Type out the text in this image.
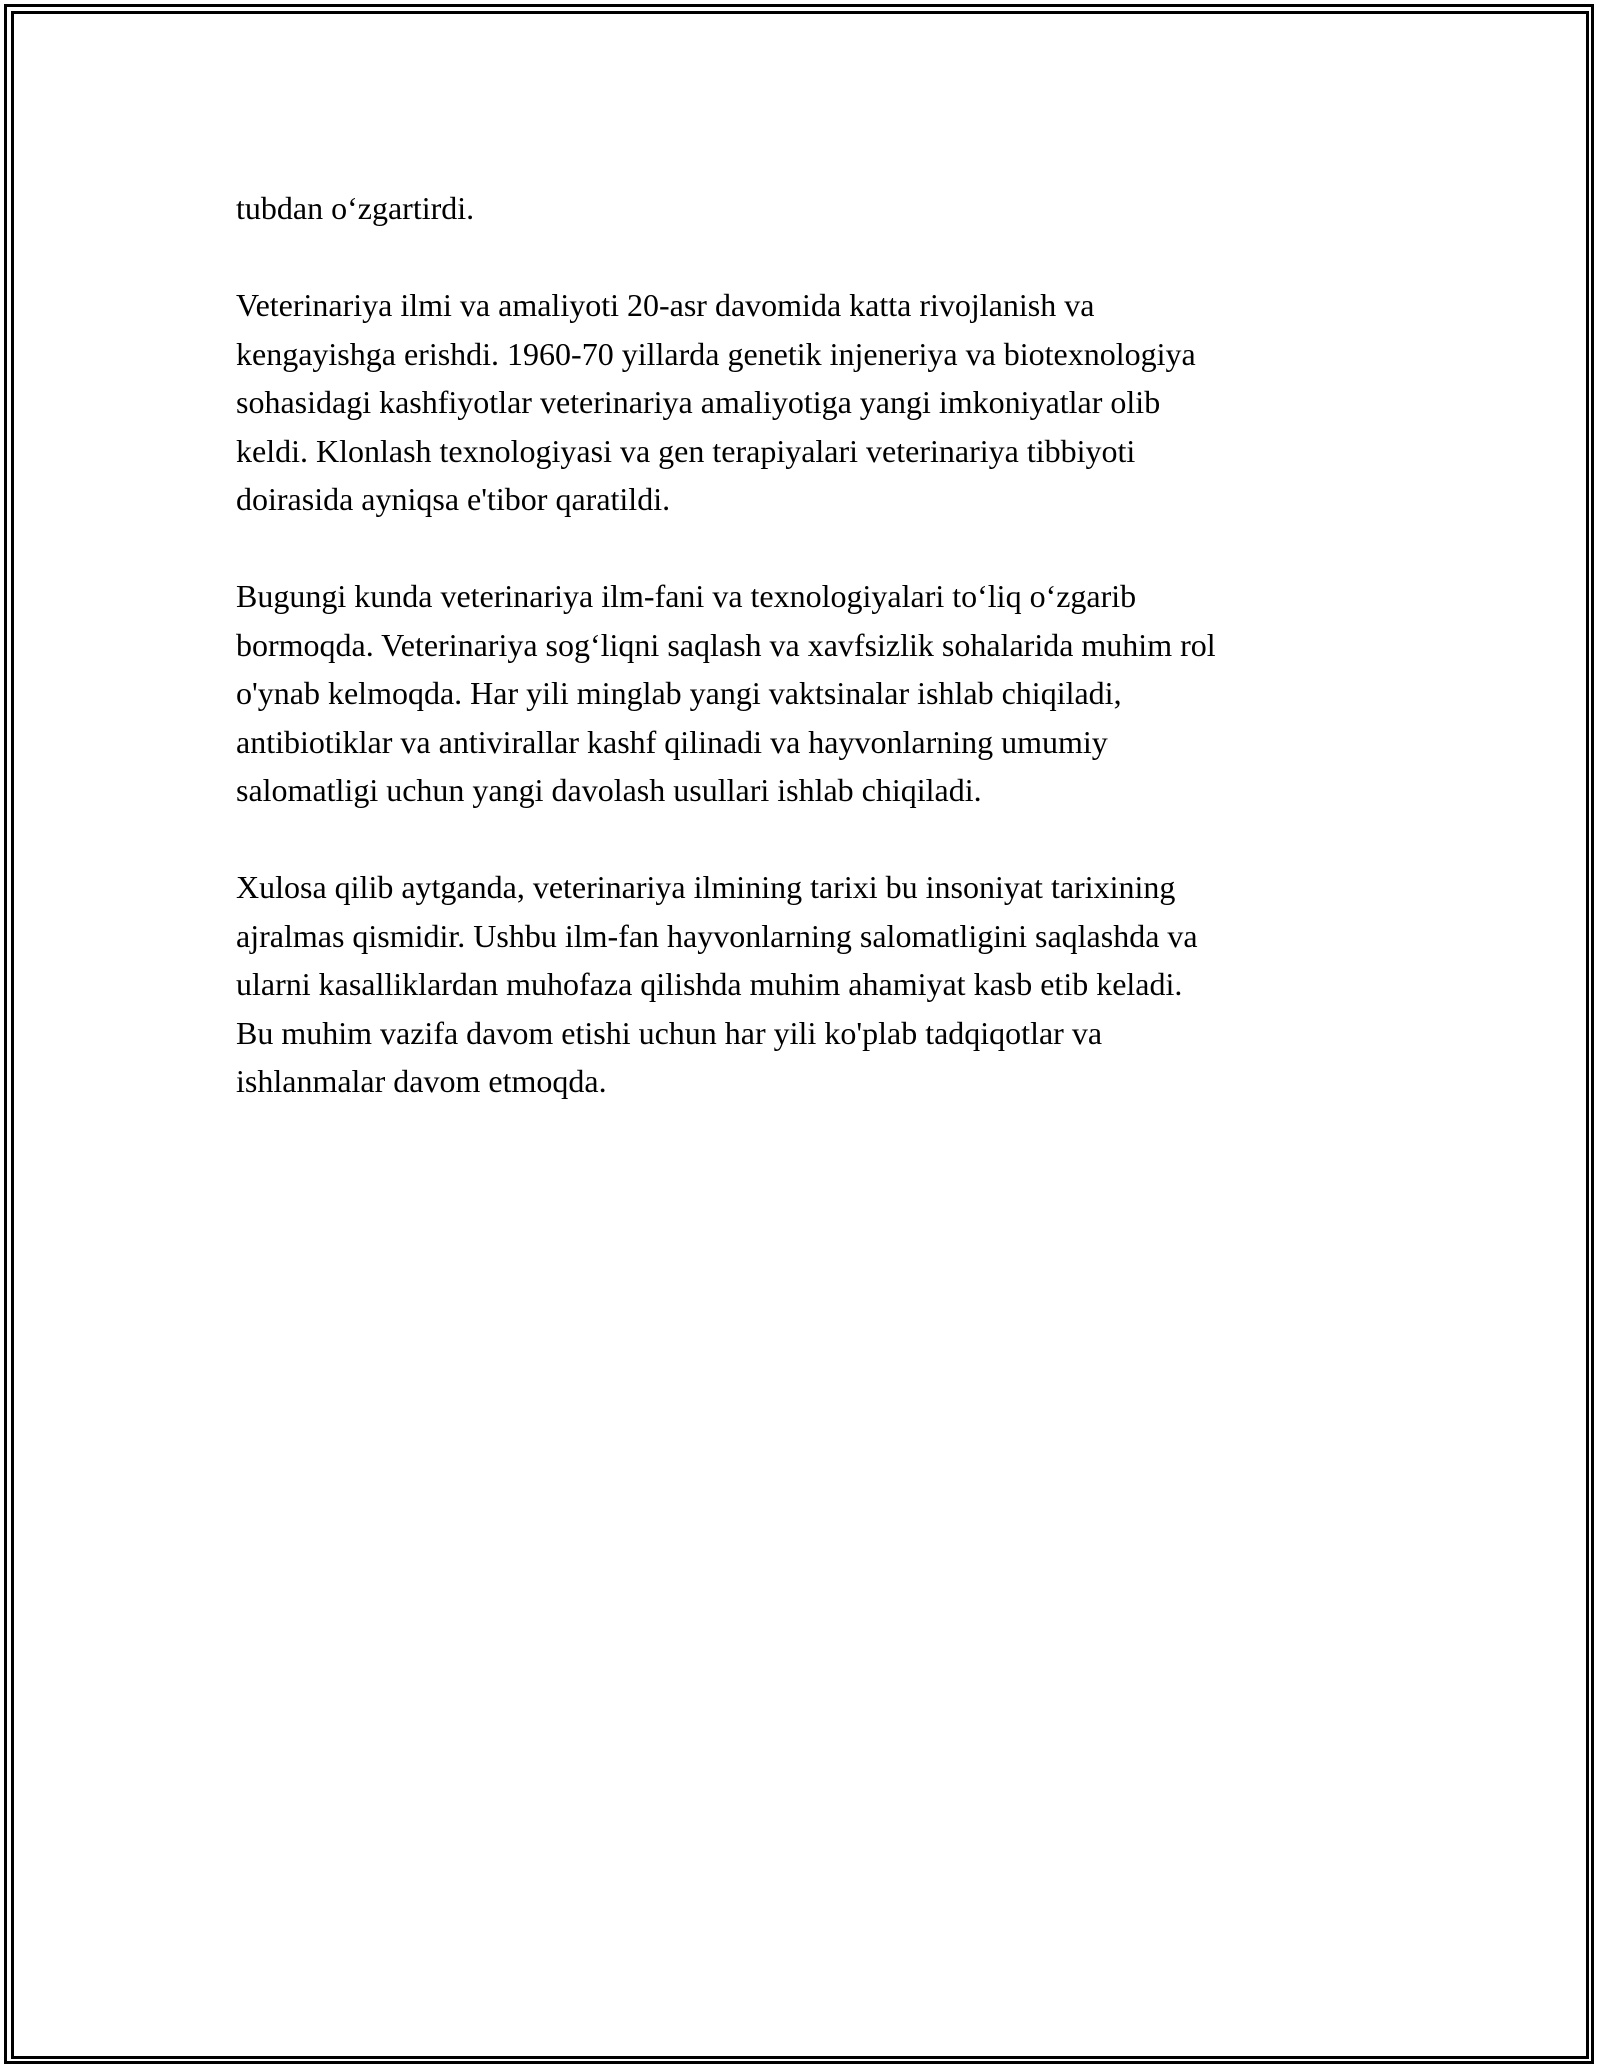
tubdan o‘zgartirdi.

Veterinariya ilmi va amaliyoti 20-asr davomida katta rivojlanish va
kengayishga erishdi. 1960-70 yillarda genetik injeneriya va biotexnologiya
sohasidagi kashfiyotlar veterinariya amaliyotiga yangi imkoniyatlar olib
keldi. Klonlash texnologiyasi va gen terapiyalari veterinariya tibbiyoti
doirasida ayniqsa e'tibor qaratildi.

Bugungi kunda veterinariya ilm-fani va texnologiyalari to‘liq o‘zgarib
bormoqda. Veterinariya sog‘liqni saqlash va xavfsizlik sohalarida muhim rol
o'ynab kelmoqda. Har yili minglab yangi vaktsinalar ishlab chiqiladi,
antibiotiklar va antivirallar kashf qilinadi va hayvonlarning umumiy
salomatligi uchun yangi davolash usullari ishlab chiqiladi.

Xulosa qilib aytganda, veterinariya ilmining tarixi bu insoniyat tarixining
ajralmas qismidir. Ushbu ilm-fan hayvonlarning salomatligini saqlashda va
ularni kasalliklardan muhofaza qilishda muhim ahamiyat kasb etib keladi.
Bu muhim vazifa davom etishi uchun har yili ko'plab tadqiqotlar va
ishlanmalar davom etmoqda.
